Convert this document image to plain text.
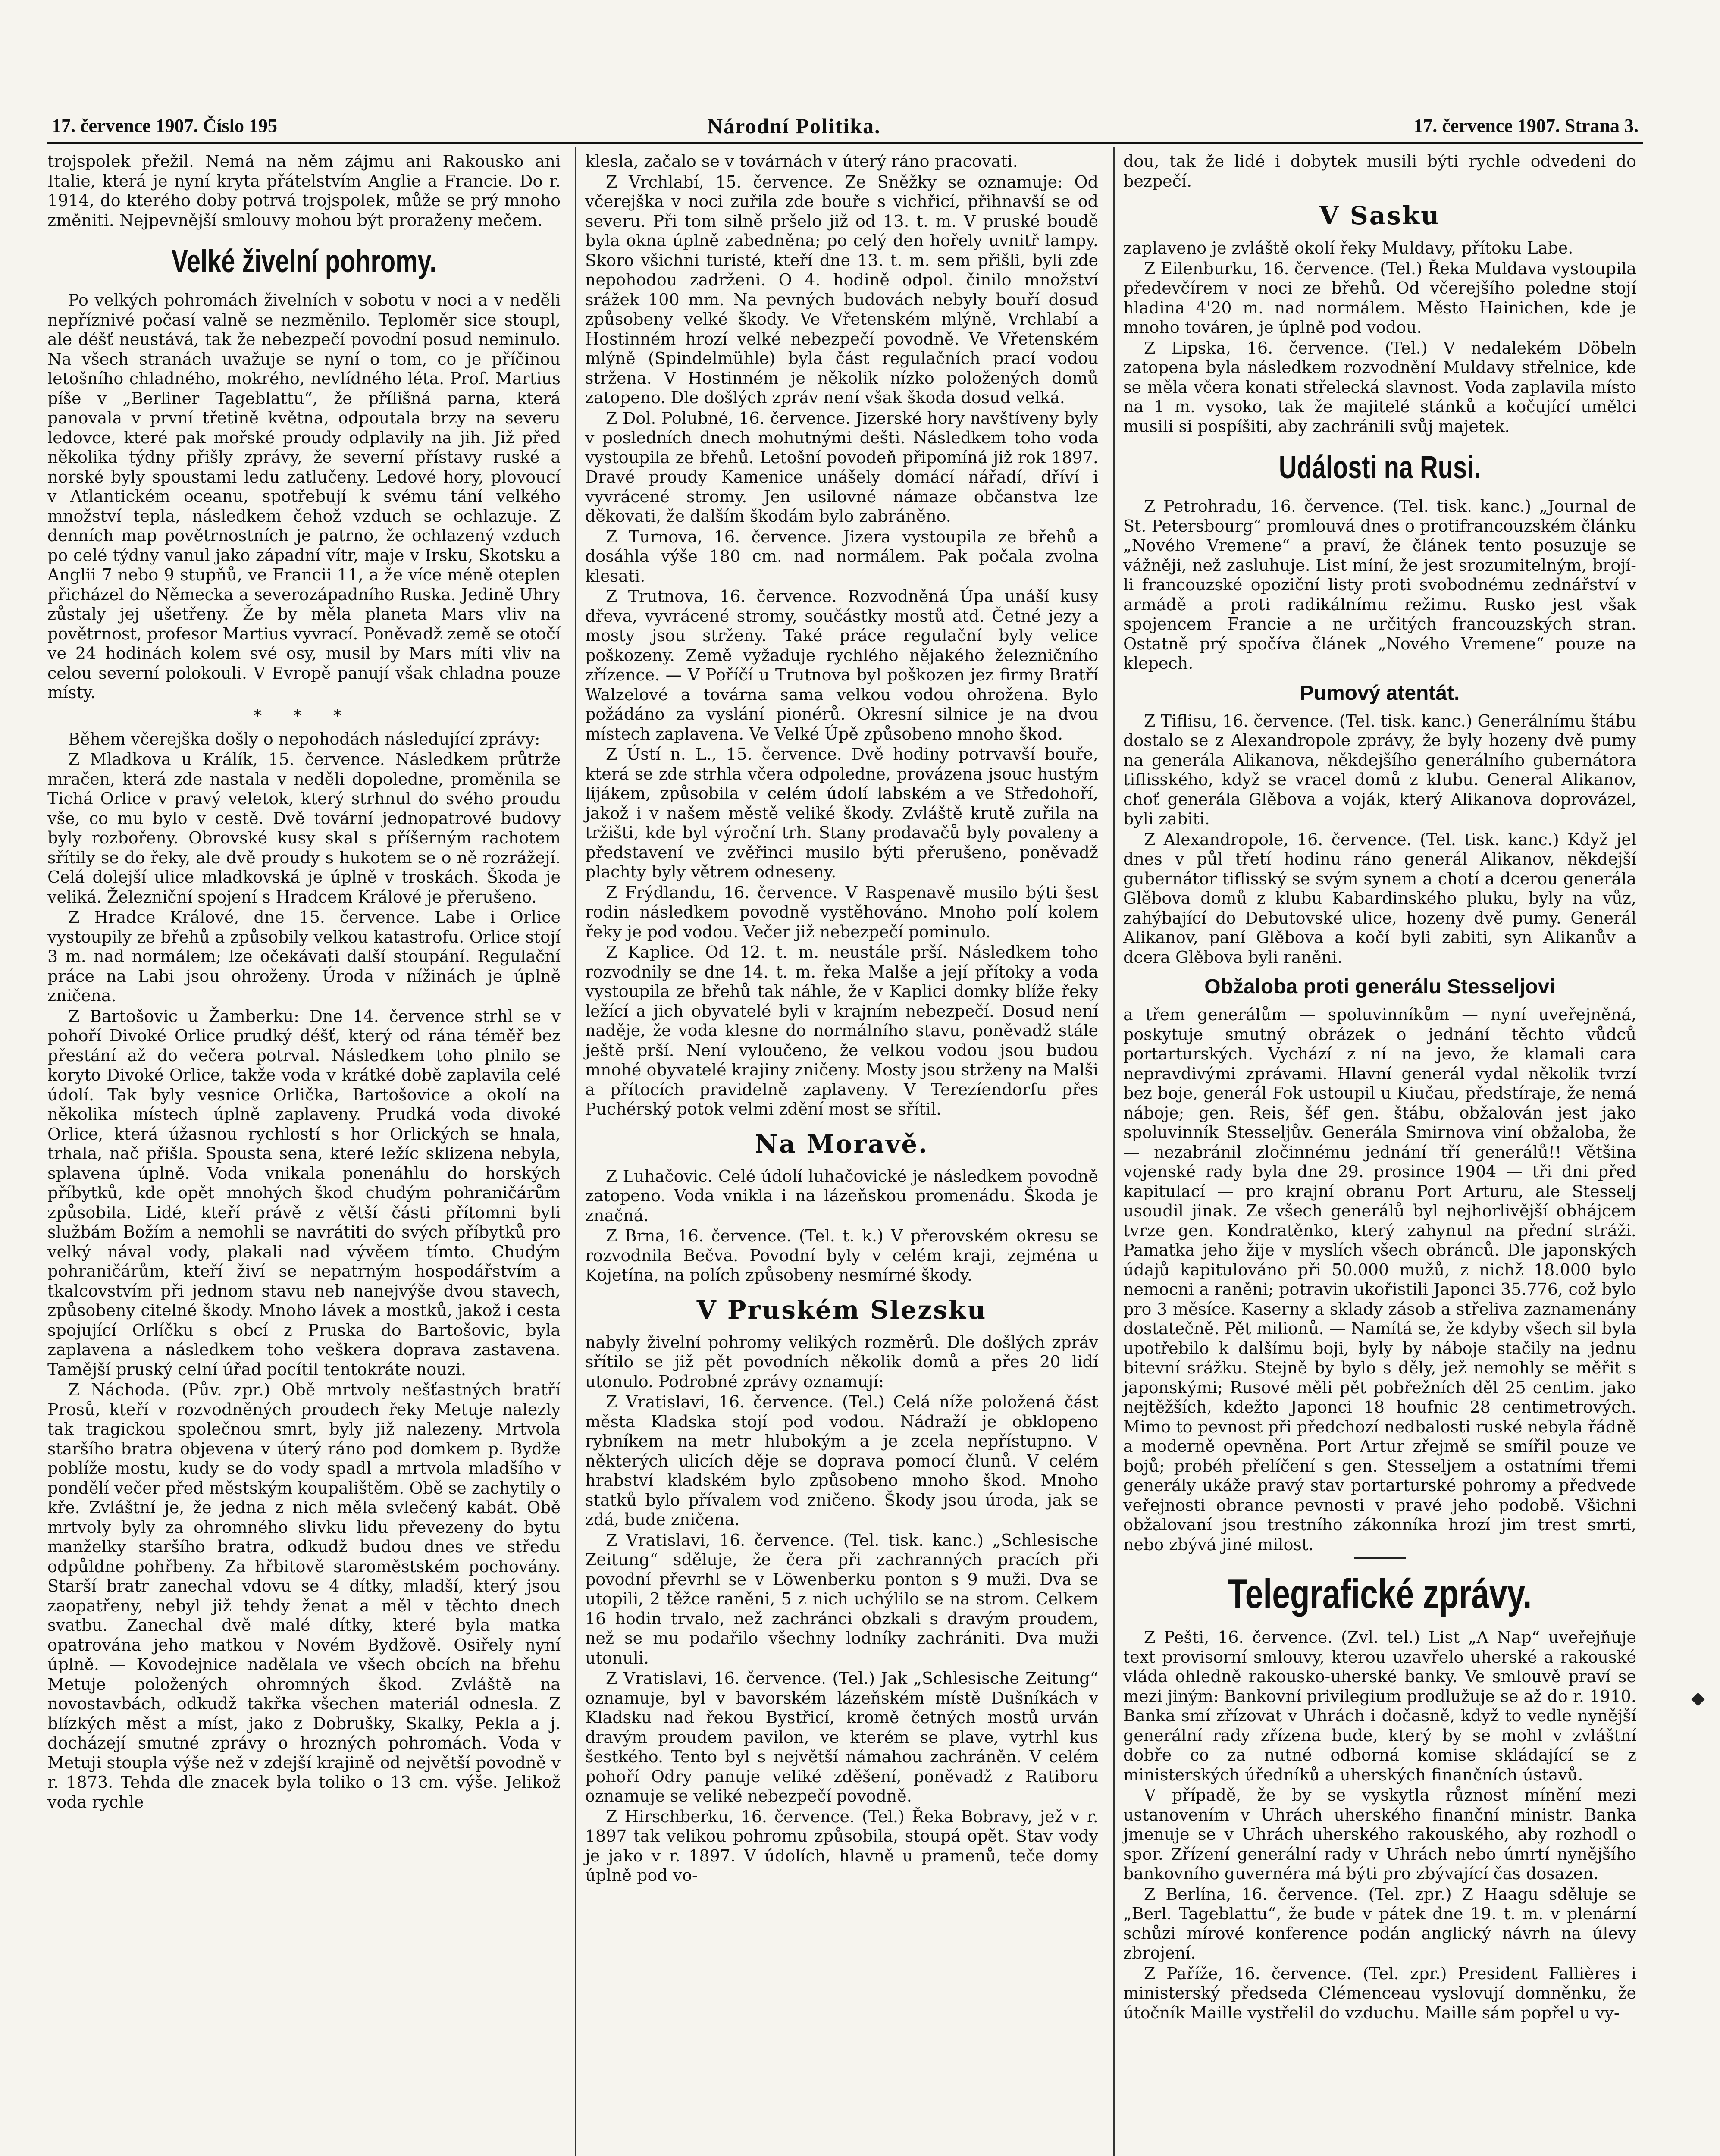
17. července 1907. Číslo 195	Národní Politika.	17. července 1907. Strana 3.

trojspolek přežil. Nemá na něm zájmu ani Rakousko ani Italie, která je nyní kryta přátelstvím Anglie a Francie. Do r. 1914, do kterého doby potrvá trojspolek, může se prý mnoho změniti. Nejpevnější smlouvy mohou být proraženy mečem.

Velké živelní pohromy.

Po velkých pohromách živelních v sobotu v noci a v neděli nepříznivé počasí valně se nezměnilo. Teploměr sice stoupl, ale déšť neustává, tak že nebezpečí povodní posud neminulo. Na všech stranách uvažuje se nyní o tom, co je příčinou letošního chladného, mokrého, nevlídného léta. Prof. Martius píše v „Berliner Tageblattu“, že přílišná parna, která panovala v první třetině května, odpoutala brzy na severu ledovce, které pak mořské proudy odplavily na jih. Již před několika týdny přišly zprávy, že severní přístavy ruské a norské byly spoustami ledu zatlučeny. Ledové hory, plovoucí v Atlantickém oceanu, spotřebují k svému tání velkého množství tepla, následkem čehož vzduch se ochlazuje. Z denních map povětrnostních je patrno, že ochlazený vzduch po celé týdny vanul jako západní vítr, maje v Irsku, Skotsku a Anglii 7 nebo 9 stupňů, ve Francii 11, a že více méně oteplen přicházel do Německa a severozápadního Ruska. Jedině Uhry zůstaly jej ušetřeny. Že by měla planeta Mars vliv na povětrnost, profesor Martius vyvrací. Poněvadž země se otočí ve 24 hodinách kolem své osy, musil by Mars míti vliv na celou severní polokouli. V Evropě panují však chladna pouze místy.

* * *

Během včerejška došly o nepohodách následující zprávy:

Z Mladkova u Králík, 15. července. Následkem průtrže mračen, která zde nastala v neděli dopoledne, proměnila se Tichá Orlice v pravý veletok, který strhnul do svého proudu vše, co mu bylo v cestě. Dvě tovární jednopatrové budovy byly rozbořeny. Obrovské kusy skal s příšerným rachotem sřítily se do řeky, ale dvě proudy s hukotem se o ně rozrážejí. Celá dolejší ulice mladkovská je úplně v troskách. Škoda je veliká. Železniční spojení s Hradcem Králové je přerušeno.

Z Hradce Králové, dne 15. července. Labe i Orlice vystoupily ze břehů a způsobily velkou katastrofu. Orlice stojí 3 m. nad normálem; lze očekávati další stoupání. Regulační práce na Labi jsou ohroženy. Úroda v nížinách je úplně zničena.

Z Bartošovic u Žamberku: Dne 14. července strhl se v pohoří Divoké Orlice prudký déšť, který od rána téměř bez přestání až do večera potrval. Následkem toho plnilo se koryto Divoké Orlice, takže voda v krátké době zaplavila celé údolí. Tak byly vesnice Orlička, Bartošovice a okolí na několika místech úplně zaplaveny. Prudká voda divoké Orlice, která úžasnou rychlostí s hor Orlických se hnala, trhala, nač přišla. Spousta sena, které ležíc sklizena nebyla, splavena úplně. Voda vnikala ponenáhlu do horských příbytků, kde opět mnohých škod chudým pohraničárům způsobila. Lidé, kteří právě z větší části přítomni byli službám Božím a nemohli se navrátiti do svých příbytků pro velký nával vody, plakali nad vývěem tímto. Chudým pohraničárům, kteří živí se nepatrným hospodářstvím a tkalcovstvím při jednom stavu neb nanejvýše dvou stavech, způsobeny citelné škody. Mnoho lávek a mostků, jakož i cesta spojující Orlíčku s obcí z Pruska do Bartošovic, byla zaplavena a následkem toho veškera doprava zastavena. Tamější pruský celní úřad pocítil tentokráte nouzi.

Z Náchoda. (Pův. zpr.) Obě mrtvoly nešťastných bratří Prosů, kteří v rozvodněných proudech řeky Metuje nalezly tak tragickou společnou smrt, byly již nalezeny. Mrtvola staršího bratra objevena v úterý ráno pod domkem p. Bydže poblíže mostu, kudy se do vody spadl a mrtvola mladšího v pondělí večer před městským koupalištěm. Obě se zachytily o kře. Zvláštní je, že jedna z nich měla svlečený kabát. Obě mrtvoly byly za ohromného slivku lidu převezeny do bytu manželky staršího bratra, odkudž budou dnes ve středu odpůldne pohřbeny. Za hřbitově staroměstském pochovány. Starší bratr zanechal vdovu se 4 dítky, mladší, který jsou zaopatřeny, nebyl již tehdy ženat a měl v těchto dnech svatbu. Zanechal dvě malé dítky, které byla matka opatrována jeho matkou v Novém Bydžově. Osiřely nyní úplně. — Kovodejnice nadělala ve všech obcích na břehu Metuje položených ohromných škod. Zvláště na novostavbách, odkudž takřka všechen materiál odnesla. Z blízkých měst a míst, jako z Dobrušky, Skalky, Pekla a j. docházejí smutné zprávy o hrozných pohromách. Voda v Metuji stoupla výše než v zdejší krajině od největší povodně v r. 1873. Tehda dle znacek byla toliko o 13 cm. výše. Jelikož voda rychle

klesla, začalo se v továrnách v úterý ráno pracovati.

Z Vrchlabí, 15. července. Ze Sněžky se oznamuje: Od včerejška v noci zuřila zde bouře s vichřicí, přihnavší se od severu. Při tom silně pršelo již od 13. t. m. V pruské boudě byla okna úplně zabedněna; po celý den hořely uvnitř lampy. Skoro všichni turisté, kteří dne 13. t. m. sem přišli, byli zde nepohodou zadrženi. O 4. hodině odpol. činilo množství srážek 100 mm. Na pevných budovách nebyly bouří dosud způsobeny velké škody. Ve Vřetenském mlýně, Vrchlabí a Hostinném hrozí velké nebezpečí povodně. Ve Vřetenském mlýně (Spindelmühle) byla část regulačních prací vodou stržena. V Hostinném je několik nízko položených domů zatopeno. Dle došlých zpráv není však škoda dosud velká.

Z Dol. Polubné, 16. července. Jizerské hory navštíveny byly v posledních dnech mohutnými dešti. Následkem toho voda vystoupila ze břehů. Letošní povodeň připomíná již rok 1897. Dravé proudy Kamenice unášely domácí nářadí, dříví i vyvrácené stromy. Jen usilovné námaze občanstva lze děkovati, že dalším škodám bylo zabráněno.

Z Turnova, 16. července. Jizera vystoupila ze břehů a dosáhla výše 180 cm. nad normálem. Pak počala zvolna klesati.

Z Trutnova, 16. července. Rozvodněná Úpa unáší kusy dřeva, vyvrácené stromy, součástky mostů atd. Četné jezy a mosty jsou strženy. Také práce regulační byly velice poškozeny. Země vyžaduje rychlého nějakého železničního zřízence. — V Poříčí u Trutnova byl poškozen jez firmy Bratří Walzelové a továrna sama velkou vodou ohrožena. Bylo požádáno za vyslání pionérů. Okresní silnice je na dvou místech zaplavena. Ve Velké Úpě způsobeno mnoho škod.

Z Ústí n. L., 15. července. Dvě hodiny potrvavší bouře, která se zde strhla včera odpoledne, provázena jsouc hustým lijákem, způsobila v celém údolí labském a ve Středohoří, jakož i v našem městě veliké škody. Zvláště krutě zuřila na tržišti, kde byl výroční trh. Stany prodavačů byly povaleny a představení ve zvěřinci musilo býti přerušeno, poněvadž plachty byly větrem odneseny.

Z Frýdlandu, 16. července. V Raspenavě musilo býti šest rodin následkem povodně vystěhováno. Mnoho polí kolem řeky je pod vodou. Večer již nebezpečí pominulo.

Z Kaplice. Od 12. t. m. neustále prší. Následkem toho rozvodnily se dne 14. t. m. řeka Malše a její přítoky a voda vystoupila ze břehů tak náhle, že v Kaplici domky blíže řeky ležící a jich obyvatelé byli v krajním nebezpečí. Dosud není naděje, že voda klesne do normálního stavu, poněvadž stále ještě prší. Není vyloučeno, že velkou vodou jsou budou mnohé obyvatelé krajiny zničeny. Mosty jsou strženy na Malši a přítocích pravidelně zaplaveny. V Terezíendorfu přes Puchérský potok velmi zdění most se sřítil.

Na Moravě.

Z Luhačovic. Celé údolí luhačovické je následkem povodně zatopeno. Voda vnikla i na lázeňskou promenádu. Škoda je značná.

Z Brna, 16. července. (Tel. t. k.) V přerovském okresu se rozvodnila Bečva. Povodní byly v celém kraji, zejména u Kojetína, na polích způsobeny nesmírné škody.

V Pruském Slezsku

nabyly živelní pohromy velikých rozměrů. Dle došlých zpráv sřítilo se již pět povodních několik domů a přes 20 lidí utonulo. Podrobné zprávy oznamují:

Z Vratislavi, 16. července. (Tel.) Celá níže položená část města Kladska stojí pod vodou. Nádraží je obklopeno rybníkem na metr hlubokým a je zcela nepřístupno. V některých ulicích děje se doprava pomocí člunů. V celém hrabství kladském bylo způsobeno mnoho škod. Mnoho statků bylo přívalem vod zničeno. Škody jsou úroda, jak se zdá, bude zničena.

Z Vratislavi, 16. července. (Tel. tisk. kanc.) „Schlesische Zeitung“ sděluje, že čera při zachranných pracích při povodní převrhl se v Löwenberku ponton s 9 muži. Dva se utopili, 2 těžce raněni, 5 z nich uchýlilo se na strom. Celkem 16 hodin trvalo, než zachránci obzkali s dravým proudem, než se mu podařilo všechny lodníky zachrániti. Dva muži utonuli.

Z Vratislavi, 16. července. (Tel.) Jak „Schlesische Zeitung“ oznamuje, byl v bavorském lázeňském místě Dušníkách v Kladsku nad řekou Bystřicí, kromě četných mostů urván dravým proudem pavilon, ve kterém se plave, vytrhl kus šestkého. Tento byl s největší námahou zachráněn. V celém pohoří Odry panuje veliké zděšení, poněvadž z Ratiboru oznamuje se veliké nebezpečí povodně.

Z Hirschberku, 16. července. (Tel.) Řeka Bobravy, jež v r. 1897 tak velikou pohromu způsobila, stoupá opět. Stav vody je jako v r. 1897. V údolích, hlavně u pramenů, teče domy úplně pod vo-

dou, tak že lidé i dobytek musili býti rychle odvedeni do bezpečí.

V Sasku

zaplaveno je zvláště okolí řeky Muldavy, přítoku Labe.

Z Eilenburku, 16. července. (Tel.) Řeka Muldava vystoupila předevčírem v noci ze břehů. Od včerejšího poledne stojí hladina 4'20 m. nad normálem. Město Hainichen, kde je mnoho továren, je úplně pod vodou.

Z Lipska, 16. července. (Tel.) V nedalekém Döbeln zatopena byla následkem rozvodnění Muldavy střelnice, kde se měla včera konati střelecká slavnost. Voda zaplavila místo na 1 m. vysoko, tak že majitelé stánků a kočující umělci musili si pospíšiti, aby zachránili svůj majetek.

Události na Rusi.

Z Petrohradu, 16. července. (Tel. tisk. kanc.) „Journal de St. Petersbourg“ promlouvá dnes o protifrancouzském článku „Nového Vremene“ a praví, že článek tento posuzuje se vážněji, než zasluhuje. List míní, že jest srozumitelným, brojí-li francouzské opoziční listy proti svobodnému zednářství v armádě a proti radikálnímu režimu. Rusko jest však spojencem Francie a ne určitých francouzských stran. Ostatně prý spočíva článek „Nového Vremene“ pouze na klepech.

Pumový atentát.

Z Tiflisu, 16. července. (Tel. tisk. kanc.) Generálnímu štábu dostalo se z Alexandropole zprávy, že byly hozeny dvě pumy na generála Alikanova, někdejšího generálního gubernátora tiflisského, když se vracel domů z klubu. General Alikanov, choť generála Glěbova a voják, který Alikanova doprovázel, byli zabiti.

Z Alexandropole, 16. července. (Tel. tisk. kanc.) Když jel dnes v půl třetí hodinu ráno generál Alikanov, někdejší gubernátor tiflisský se svým synem a chotí a dcerou generála Glěbova domů z klubu Kabardinského pluku, byly na vůz, zahýbající do Debutovské ulice, hozeny dvě pumy. Generál Alikanov, paní Glěbova a kočí byli zabiti, syn Alikanův a dcera Glěbova byli raněni.

Obžaloba proti generálu Stesseljovi

a třem generálům — spoluvinníkům — nyní uveřejněná, poskytuje smutný obrázek o jednání těchto vůdců portarturských. Vychází z ní na jevo, že klamali cara nepravdivými zprávami. Hlavní generál vydal několik tvrzí bez boje, generál Fok ustoupil u Kiučau, předstíraje, že nemá náboje; gen. Reis, šéf gen. štábu, obžalován jest jako spoluvinník Stesseljův. Generála Smirnova viní obžaloba, že — nezabránil zločinnému jednání tří generálů!! Většina vojenské rady byla dne 29. prosince 1904 — tři dni před kapitulací — pro krajní obranu Port Arturu, ale Stesselj usoudil jinak. Ze všech generálů byl nejhorlivější obhájcem tvrze gen. Kondratěnko, který zahynul na přední stráži. Pamatka jeho žije v myslích všech obránců. Dle japonských údajů kapitulováno při 50.000 mužů, z nichž 18.000 bylo nemocni a raněni; potravin ukořistili Japonci 35.776, což bylo pro 3 měsíce. Kaserny a sklady zásob a střeliva zaznamenány dostatečně. Pět milionů. — Namítá se, že kdyby všech sil byla upotřebilo k dalšímu boji, byly by náboje stačily na jednu bitevní srážku. Stejně by bylo s děly, jež nemohly se měřit s japonskými; Rusové měli pět pobřežních děl 25 centim. jako nejtěžších, kdežto Japonci 18 houfnic 28 centimetrových. Mimo to pevnost při předchozí nedbalosti ruské nebyla řádně a moderně opevněna. Port Artur zřejmě se smířil pouze ve bojů; probéh přelíčení s gen. Stesseljem a ostatními třemi generály ukáže pravý stav portarturské pohromy a předvede veřejnosti obrance pevnosti v pravé jeho podobě. Všichni obžalovaní jsou trestního zákonníka hrozí jim trest smrti, nebo zbývá jiné milost.

Telegrafické zprávy.

Z Pešti, 16. července. (Zvl. tel.) List „A Nap“ uveřejňuje text provisorní smlouvy, kterou uzavřelo uherské a rakouské vláda ohledně rakousko-uherské banky. Ve smlouvě praví se mezi jiným: Bankovní privilegium prodlužuje se až do r. 1910. Banka smí zřízovat v Uhrách i dočasně, když to vedle nynější generální rady zřízena bude, který by se mohl v zvláštní dobře co za nutné odborná komise skládající se z ministerských úředníků a uherských finančních ústavů.

V případě, že by se vyskytla různost mínění mezi ustanovením v Uhrách uherského finanční ministr. Banka jmenuje se v Uhrách uherského rakouského, aby rozhodl o spor. Zřízení generální rady v Uhrách nebo úmrtí nynějšího bankovního guvernéra má býti pro zbývající čas dosazen.

Z Berlína, 16. července. (Tel. zpr.) Z Haagu sděluje se „Berl. Tageblattu“, že bude v pátek dne 19. t. m. v plenární schůzi mírové konference podán anglický návrh na úlevy zbrojení.

Z Paříže, 16. července. (Tel. zpr.) President Fallières i ministerský předseda Clémenceau vyslovují domněnku, že útočník Maille vystřelil do vzduchu. Maille sám popřel u vy-
